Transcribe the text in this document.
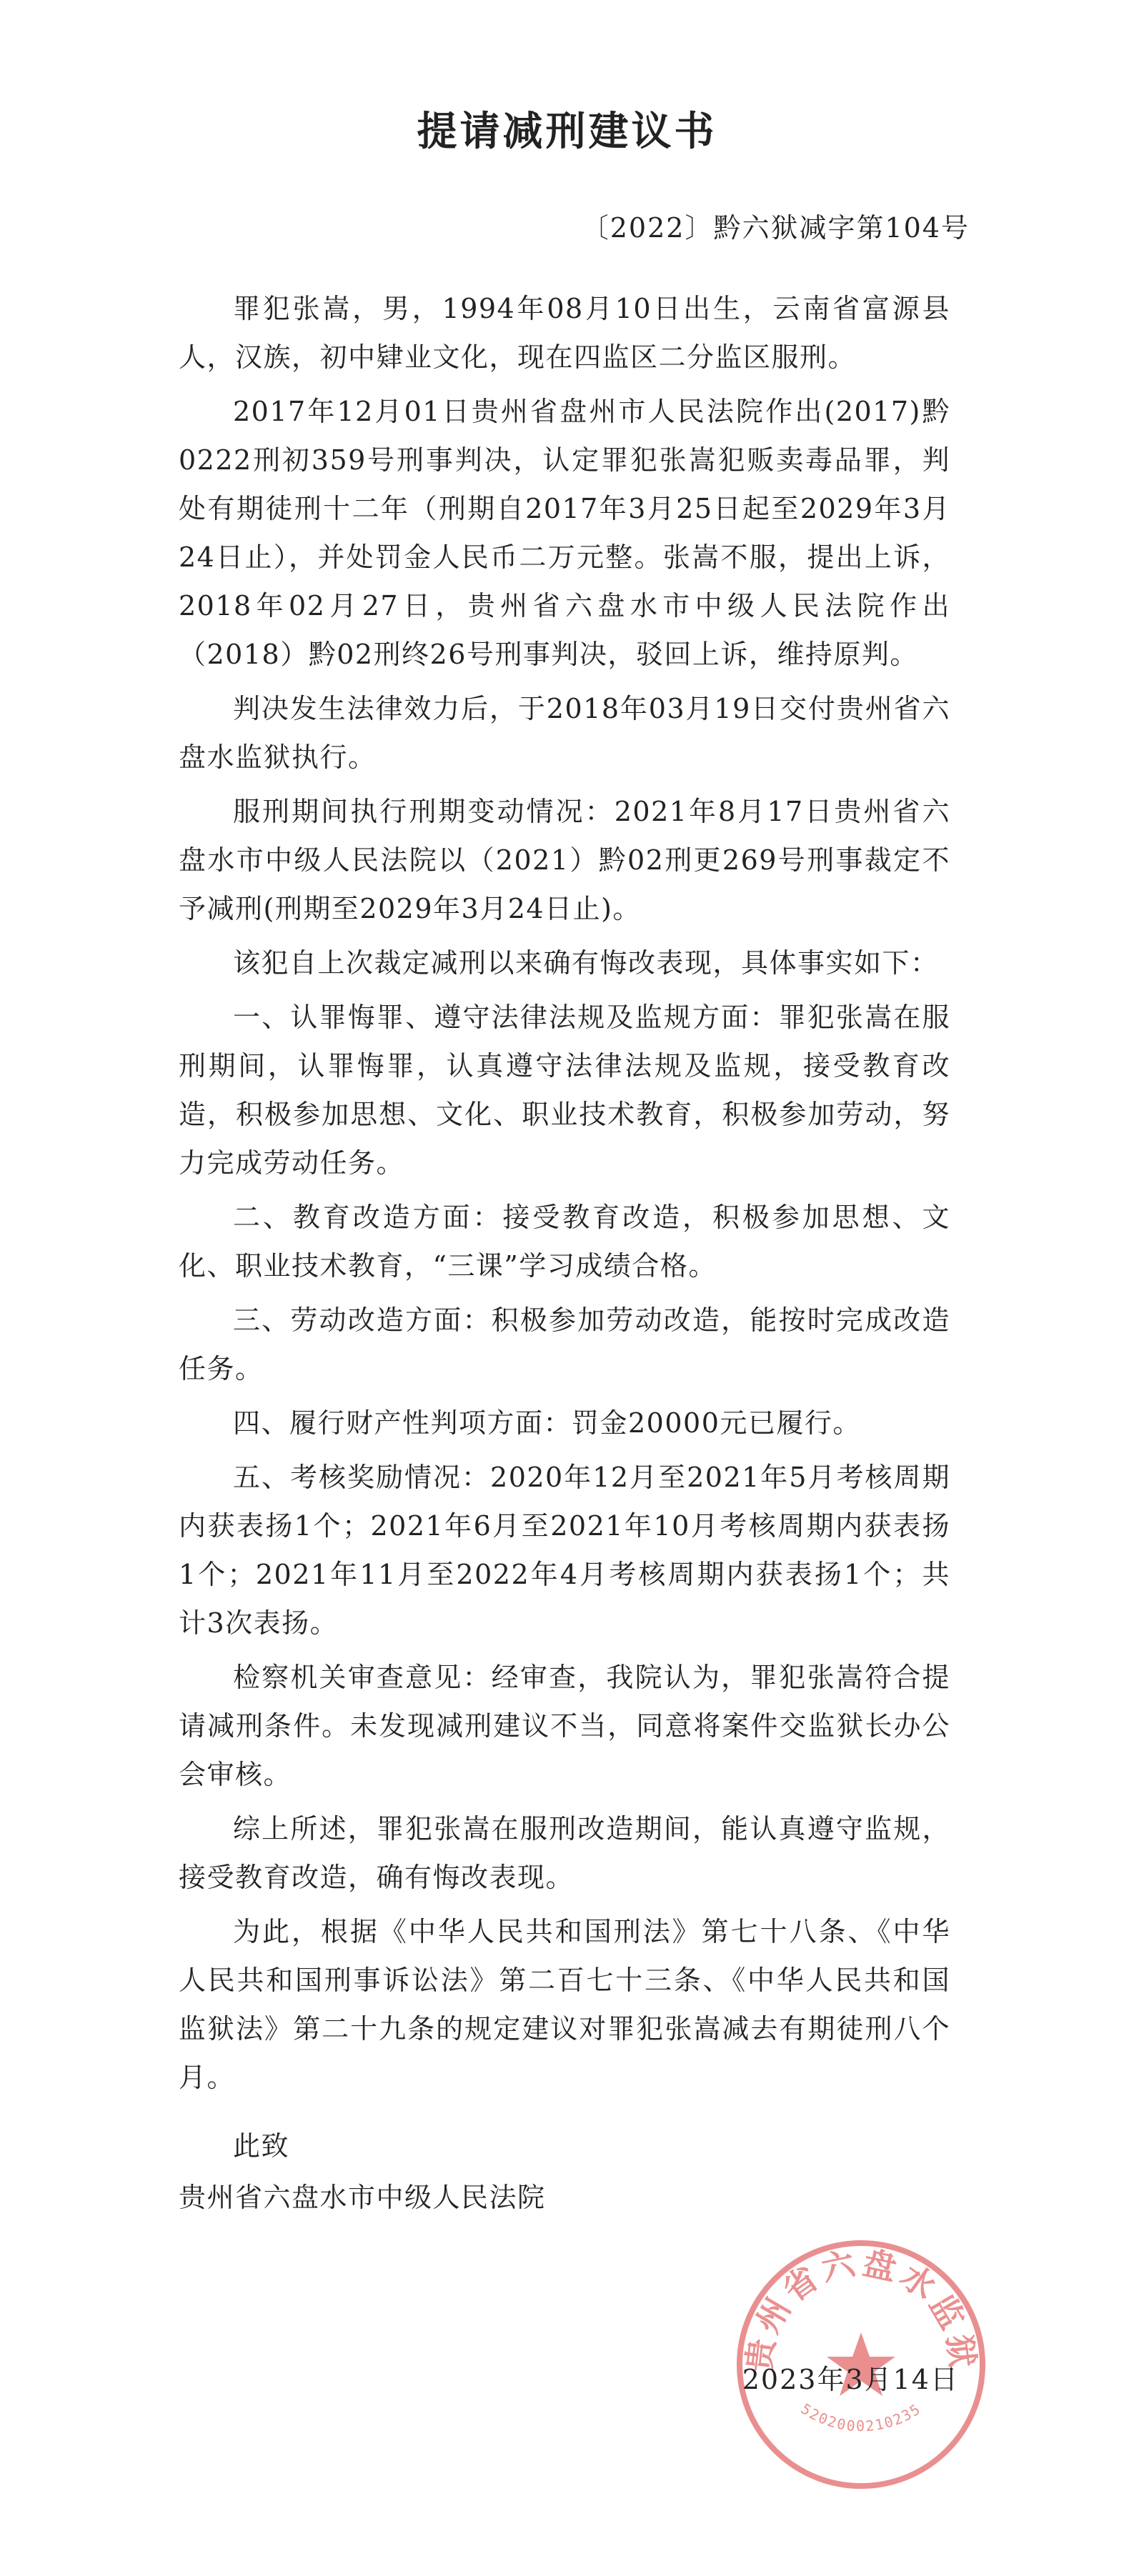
提请减刑建议书
〔2022〕黔六狱减字第104号

罪犯张嵩，男，1994年08月10日出生，云南省富源县人，汉族，初中肄业文化，现在四监区二分监区服刑。

2017年12月01日贵州省盘州市人民法院作出(2017)黔0222刑初359号刑事判决，认定罪犯张嵩犯贩卖毒品罪，判处有期徒刑十二年（刑期自2017年3月25日起至2029年3月24日止），并处罚金人民币二万元整。张嵩不服，提出上诉，2018年02月27日，贵州省六盘水市中级人民法院作出（2018）黔02刑终26号刑事判决，驳回上诉，维持原判。

判决发生法律效力后，于2018年03月19日交付贵州省六盘水监狱执行。

服刑期间执行刑期变动情况：2021年8月17日贵州省六盘水市中级人民法院以（2021）黔02刑更269号刑事裁定不予减刑(刑期至2029年3月24日止)。

该犯自上次裁定减刑以来确有悔改表现，具体事实如下：

一、认罪悔罪、遵守法律法规及监规方面：罪犯张嵩在服刑期间，认罪悔罪，认真遵守法律法规及监规，接受教育改造，积极参加思想、文化、职业技术教育，积极参加劳动，努力完成劳动任务。

二、教育改造方面：接受教育改造，积极参加思想、文化、职业技术教育，“三课”学习成绩合格。

三、劳动改造方面：积极参加劳动改造，能按时完成改造任务。

四、履行财产性判项方面：罚金20000元已履行。

五、考核奖励情况：2020年12月至2021年5月考核周期内获表扬1个；2021年6月至2021年10月考核周期内获表扬1个；2021年11月至2022年4月考核周期内获表扬1个；共计3次表扬。

检察机关审查意见：经审查，我院认为，罪犯张嵩符合提请减刑条件。未发现减刑建议不当，同意将案件交监狱长办公会审核。

综上所述，罪犯张嵩在服刑改造期间，能认真遵守监规，接受教育改造，确有悔改表现。

为此，根据《中华人民共和国刑法》第七十八条、《中华人民共和国刑事诉讼法》第二百七十三条、《中华人民共和国监狱法》第二十九条的规定建议对罪犯张嵩减去有期徒刑八个月。

此致

贵州省六盘水市中级人民法院

贵州省六盘水监狱
5202000210235
2023年3月14日
